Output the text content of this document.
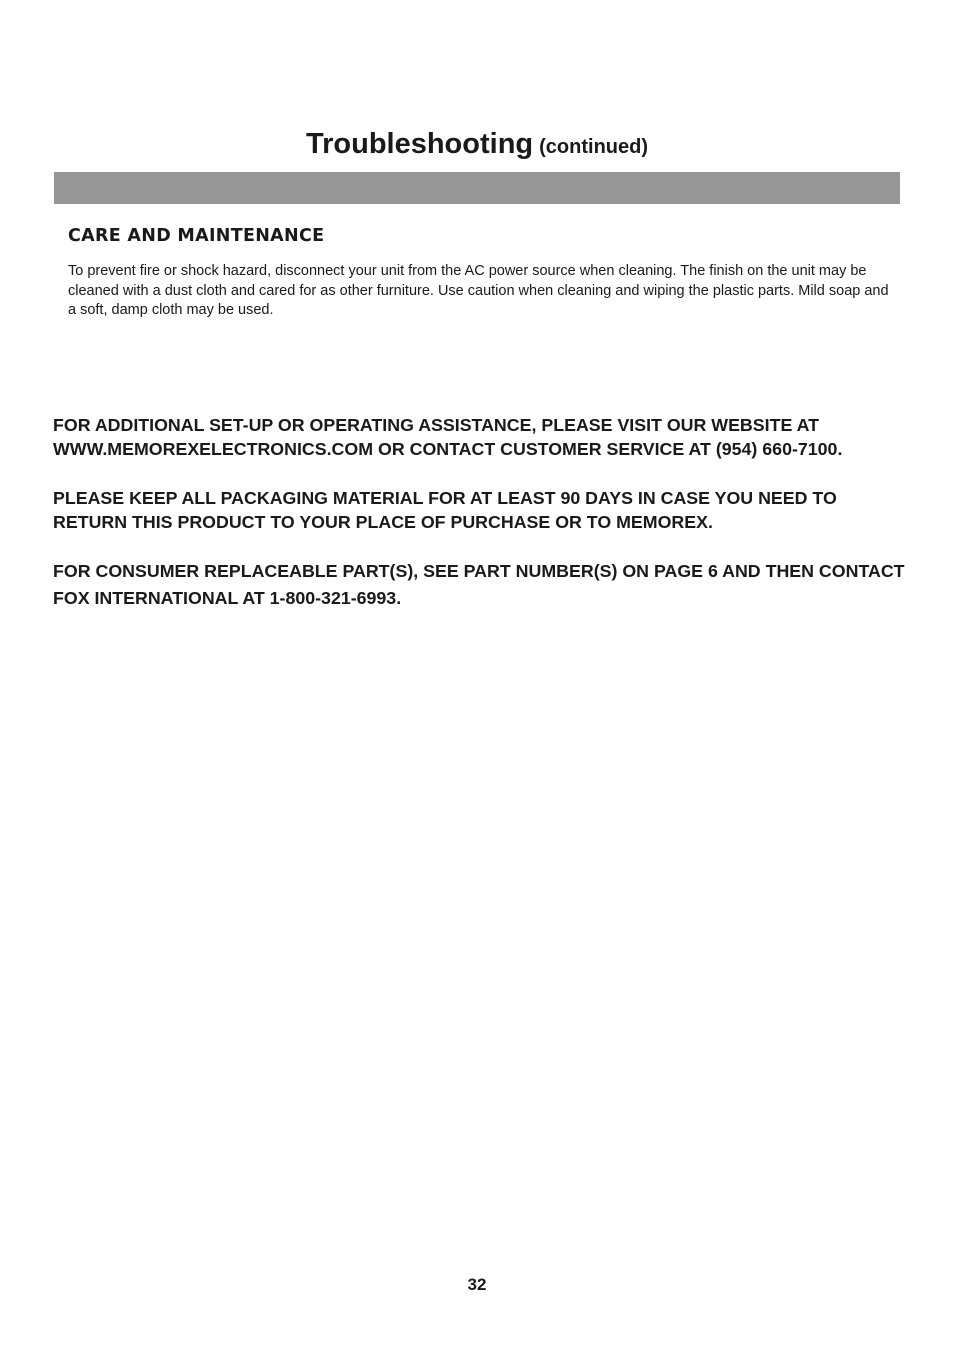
Troubleshooting (continued)
CARE AND MAINTENANCE

To prevent fire or shock hazard, disconnect your unit from the AC power source when cleaning. The finish on the unit may be cleaned with a dust cloth and cared for as other furniture. Use caution when cleaning and wiping the plastic parts. Mild soap and a soft, damp cloth may be used.

FOR ADDITIONAL SET-UP OR OPERATING ASSISTANCE, PLEASE VISIT OUR WEBSITE AT WWW.MEMOREXELECTRONICS.COM OR CONTACT CUSTOMER SERVICE AT (954) 660-7100.

PLEASE KEEP ALL PACKAGING MATERIAL FOR AT LEAST 90 DAYS IN CASE YOU NEED TO RETURN THIS PRODUCT TO YOUR PLACE OF PURCHASE OR TO MEMOREX.

FOR CONSUMER REPLACEABLE PART(S), SEE PART NUMBER(S) ON PAGE 6 AND THEN CONTACT FOX INTERNATIONAL AT 1-800-321-6993.

32
